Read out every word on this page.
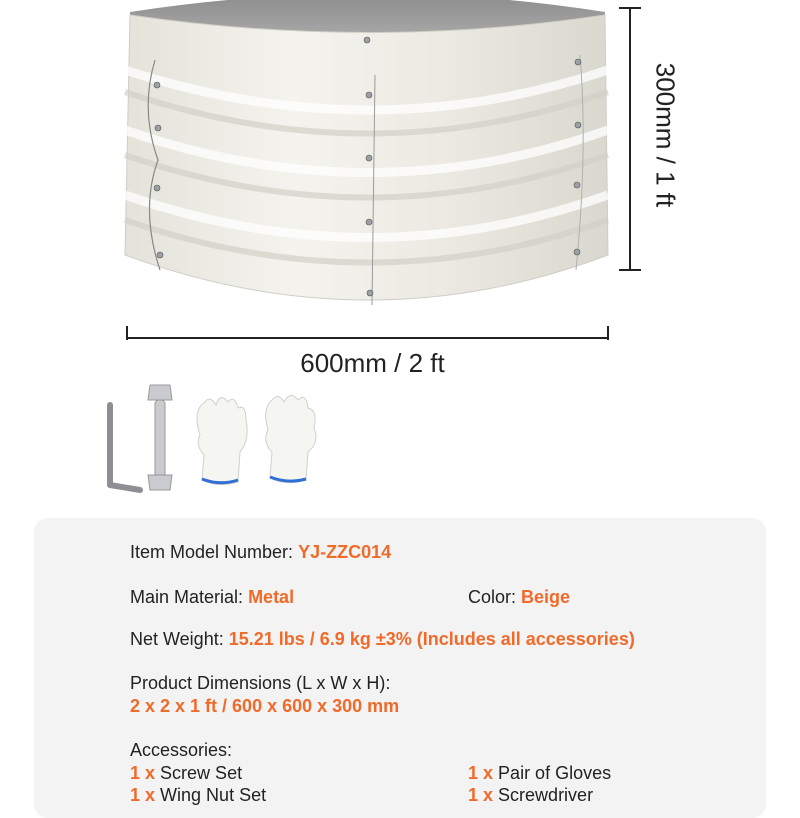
600mm / 2 ft
300mm / 1 ft
Item Model Number: YJ-ZZC014
Main Material: Metal	Color: Beige
Net Weight: 15.21 lbs / 6.9 kg ±3% (Includes all accessories)
Product Dimensions (L x W x H):
2 x 2 x 1 ft / 600 x 600 x 300 mm
Accessories:
1 x Screw Set	1 x Pair of Gloves
1 x Wing Nut Set	1 x Screwdriver
